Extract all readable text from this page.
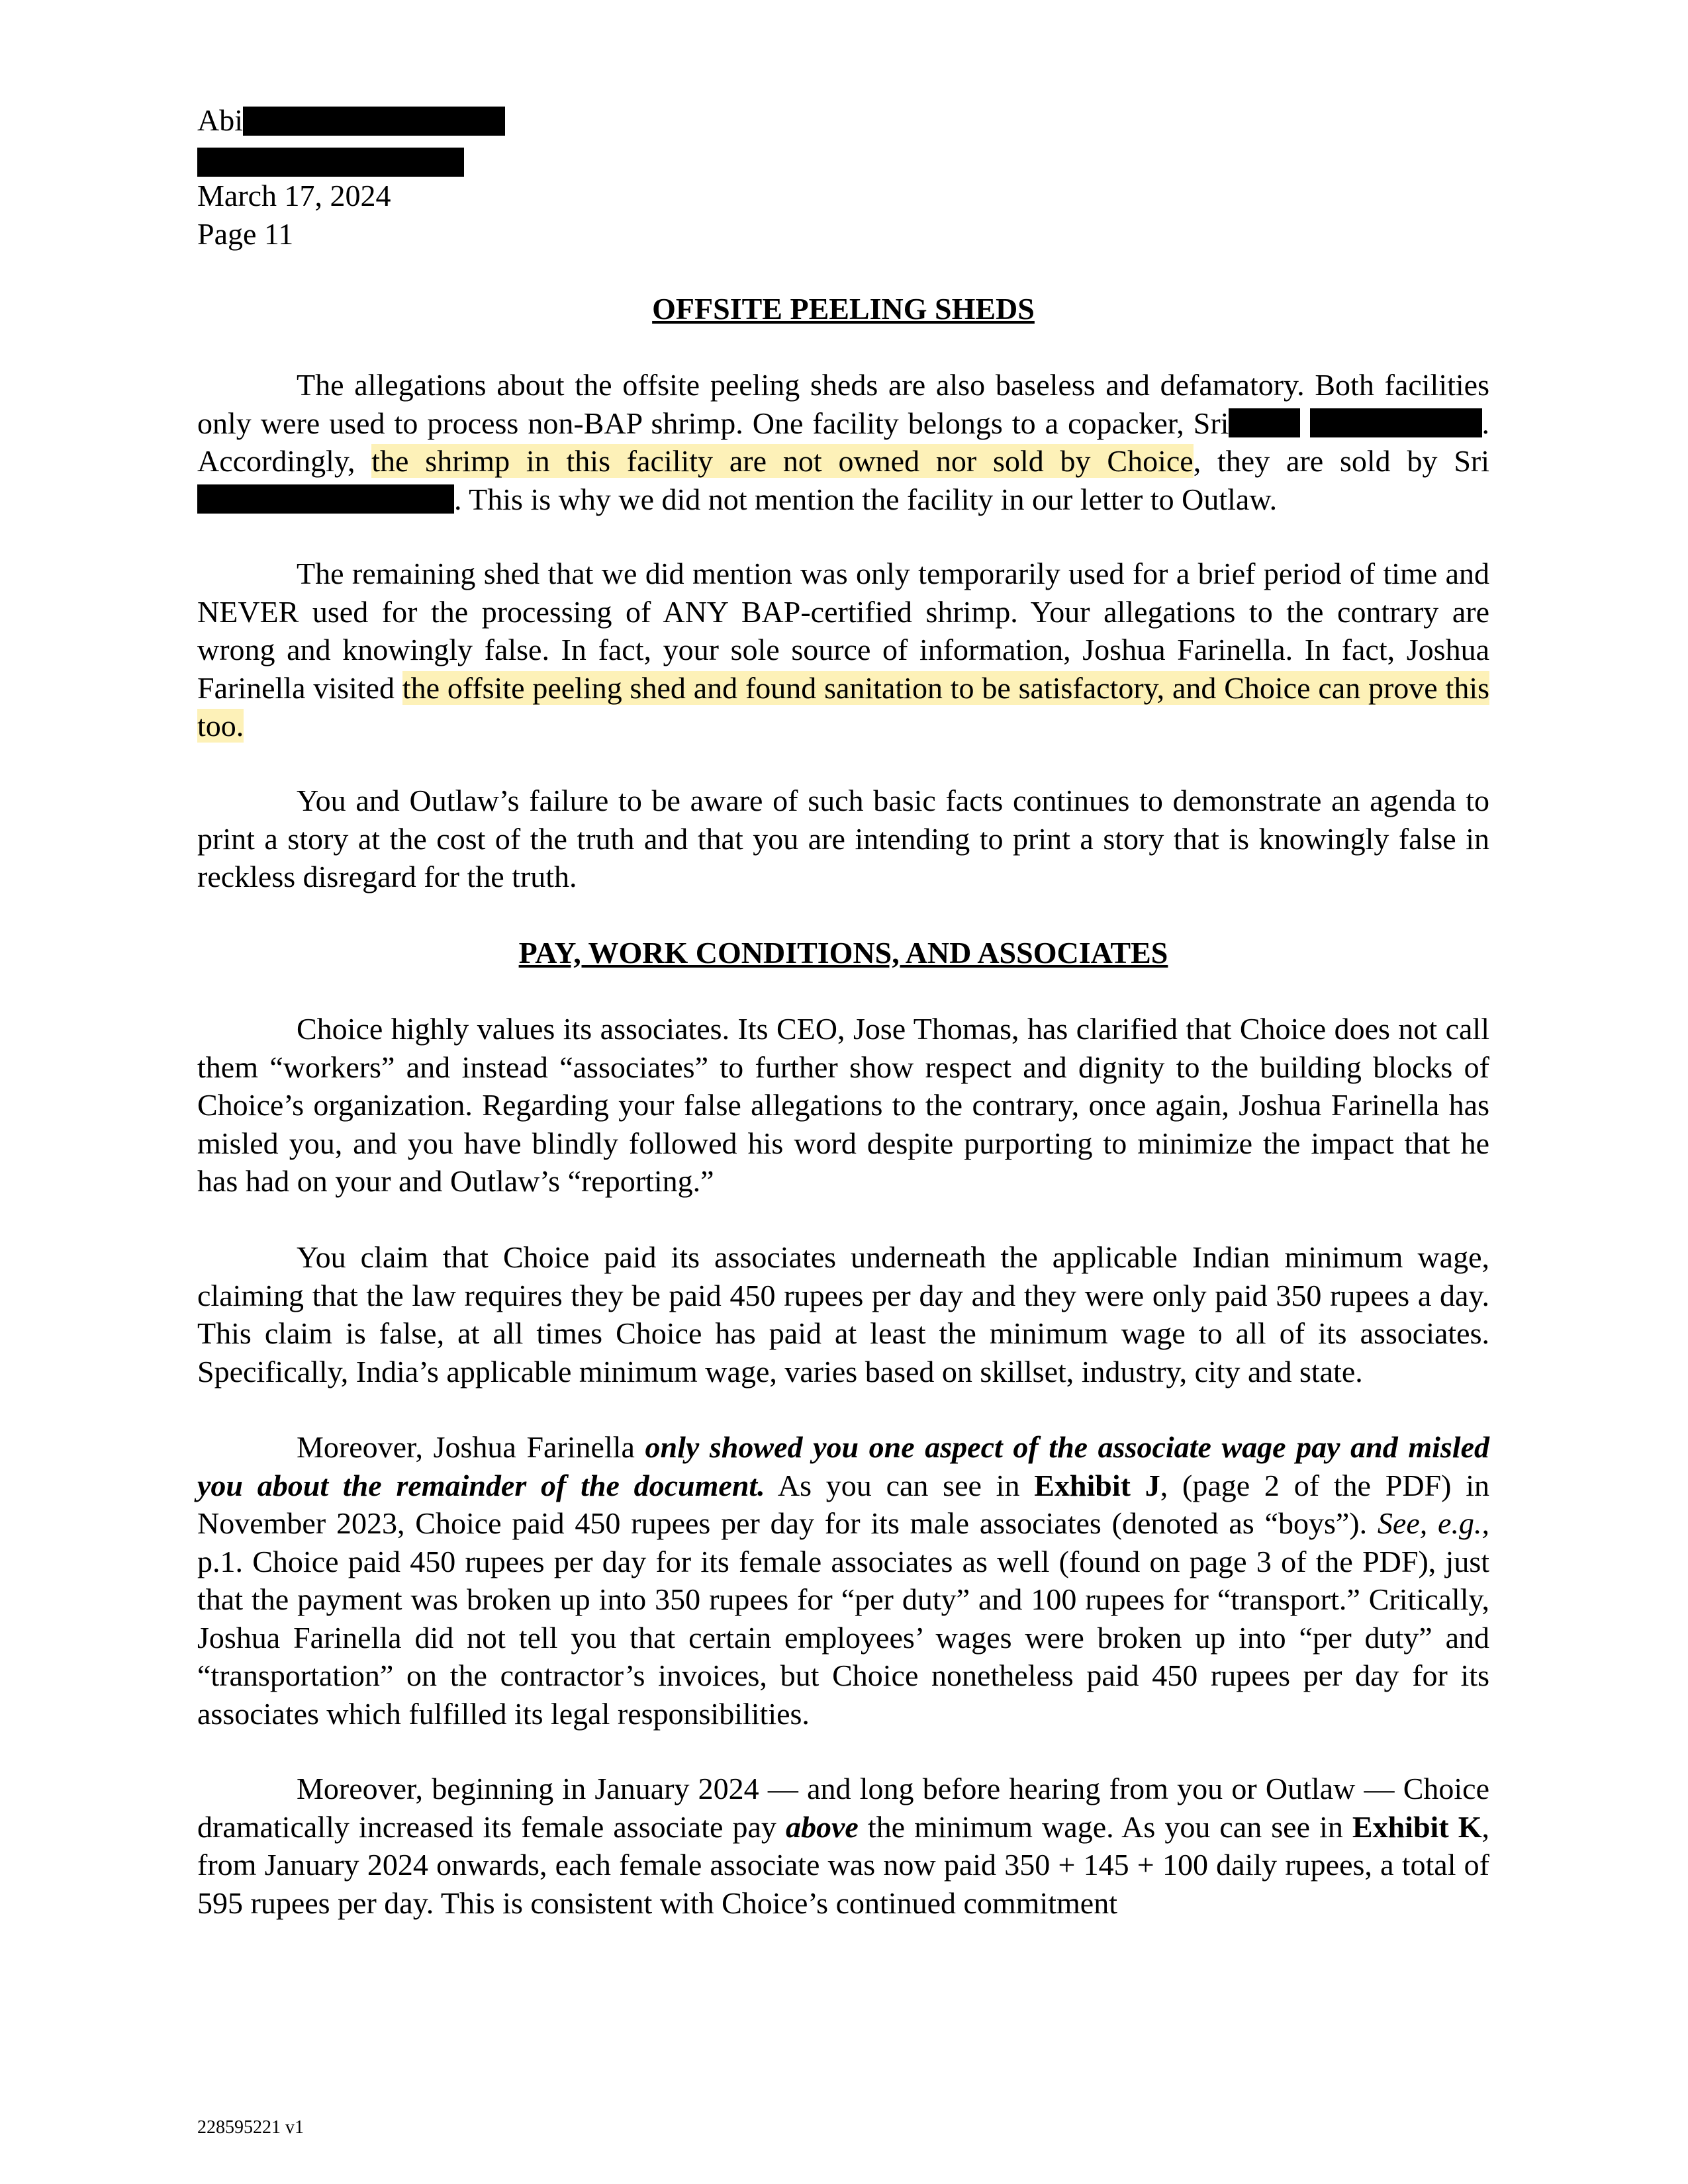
Abi
March 17, 2024
Page 11
OFFSITE PEELING SHEDS
The allegations about the offsite peeling sheds are also baseless and defamatory. Both facilities only were used to process non-BAP shrimp. One facility belongs to a copacker, Sri	. Accordingly, the shrimp in this facility are not owned nor sold by Choice, they are sold by Sri. This is why we did not mention the facility in our letter to Outlaw.
The remaining shed that we did mention was only temporarily used for a brief period of time and NEVER used for the processing of ANY BAP-certified shrimp. Your allegations to the contrary are wrong and knowingly false. In fact, your sole source of information, Joshua Farinella. In fact, Joshua Farinella visited the offsite peeling shed and found sanitation to be satisfactory, and Choice can prove this too.
You and Outlaw’s failure to be aware of such basic facts continues to demonstrate an agenda to print a story at the cost of the truth and that you are intending to print a story that is knowingly false in reckless disregard for the truth.
PAY, WORK CONDITIONS, AND ASSOCIATES
Choice highly values its associates. Its CEO, Jose Thomas, has clarified that Choice does not call them “workers” and instead “associates” to further show respect and dignity to the building blocks of Choice’s organization. Regarding your false allegations to the contrary, once again, Joshua Farinella has misled you, and you have blindly followed his word despite purporting to minimize the impact that he has had on your and Outlaw’s “reporting.”
You claim that Choice paid its associates underneath the applicable Indian minimum wage, claiming that the law requires they be paid 450 rupees per day and they were only paid 350 rupees a day. This claim is false, at all times Choice has paid at least the minimum wage to all of its associates. Specifically, India’s applicable minimum wage, varies based on skillset, industry, city and state.
Moreover, Joshua Farinella only showed you one aspect of the associate wage pay and misled you about the remainder of the document. As you can see in Exhibit J, (page 2 of the PDF) in November 2023, Choice paid 450 rupees per day for its male associates (denoted as “boys”). See, e.g., p.1. Choice paid 450 rupees per day for its female associates as well (found on page 3 of the PDF), just that the payment was broken up into 350 rupees for “per duty” and 100 rupees for “transport.” Critically, Joshua Farinella did not tell you that certain employees’ wages were broken up into “per duty” and “transportation” on the contractor’s invoices, but Choice nonetheless paid 450 rupees per day for its associates which fulfilled its legal responsibilities.
Moreover, beginning in January 2024 — and long before hearing from you or Outlaw — Choice dramatically increased its female associate pay above the minimum wage. As you can see in Exhibit K, from January 2024 onwards, each female associate was now paid 350 + 145 + 100 daily rupees, a total of 595 rupees per day. This is consistent with Choice’s continued commitment
228595221 v1
